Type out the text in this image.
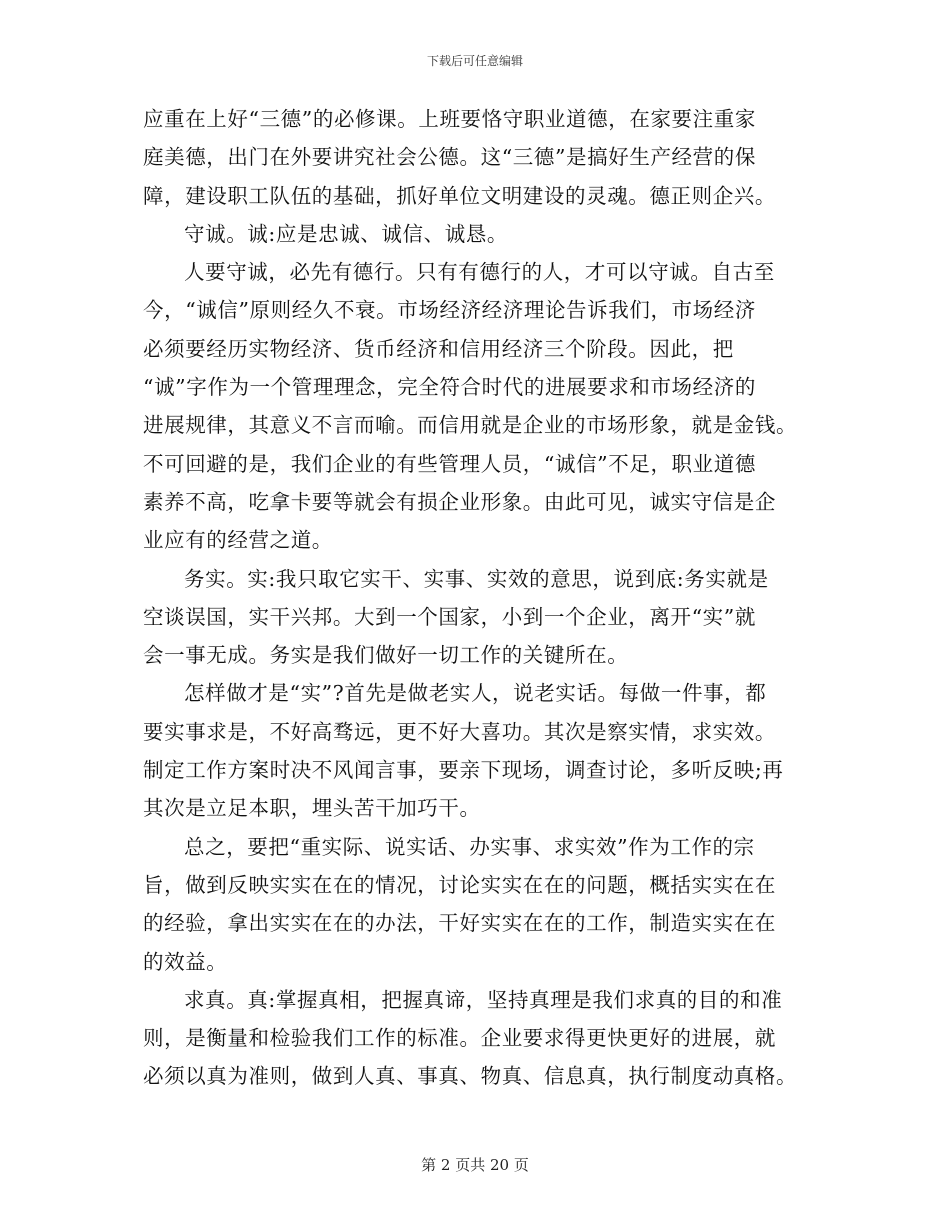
下载后可任意编辑
应重在上好“三德”的必修课。上班要恪守职业道德，在家要注重家
庭美德，出门在外要讲究社会公德。这“三德”是搞好生产经营的保
障，建设职工队伍的基础，抓好单位文明建设的灵魂。德正则企兴。
守诚。诚:应是忠诚、诚信、诚恳。
人要守诚，必先有德行。只有有德行的人，才可以守诚。自古至
今，“诚信”原则经久不衰。市场经济经济理论告诉我们，市场经济
必须要经历实物经济、货币经济和信用经济三个阶段。因此，把
“诚”字作为一个管理理念，完全符合时代的进展要求和市场经济的
进展规律，其意义不言而喻。而信用就是企业的市场形象，就是金钱。
不可回避的是，我们企业的有些管理人员，“诚信”不足，职业道德
素养不高，吃拿卡要等就会有损企业形象。由此可见，诚实守信是企
业应有的经营之道。
务实。实:我只取它实干、实事、实效的意思，说到底:务实就是
空谈误国，实干兴邦。大到一个国家，小到一个企业，离开“实”就
会一事无成。务实是我们做好一切工作的关键所在。
怎样做才是“实”?首先是做老实人，说老实话。每做一件事，都
要实事求是，不好高骛远，更不好大喜功。其次是察实情，求实效。
制定工作方案时决不风闻言事，要亲下现场，调查讨论，多听反映;再
其次是立足本职，埋头苦干加巧干。
总之，要把“重实际、说实话、办实事、求实效”作为工作的宗
旨，做到反映实实在在的情况，讨论实实在在的问题，概括实实在在
的经验，拿出实实在在的办法，干好实实在在的工作，制造实实在在
的效益。
求真。真:掌握真相，把握真谛，坚持真理是我们求真的目的和准
则，是衡量和检验我们工作的标准。企业要求得更快更好的进展，就
必须以真为准则，做到人真、事真、物真、信息真，执行制度动真格。
第 2 页共 20 页
